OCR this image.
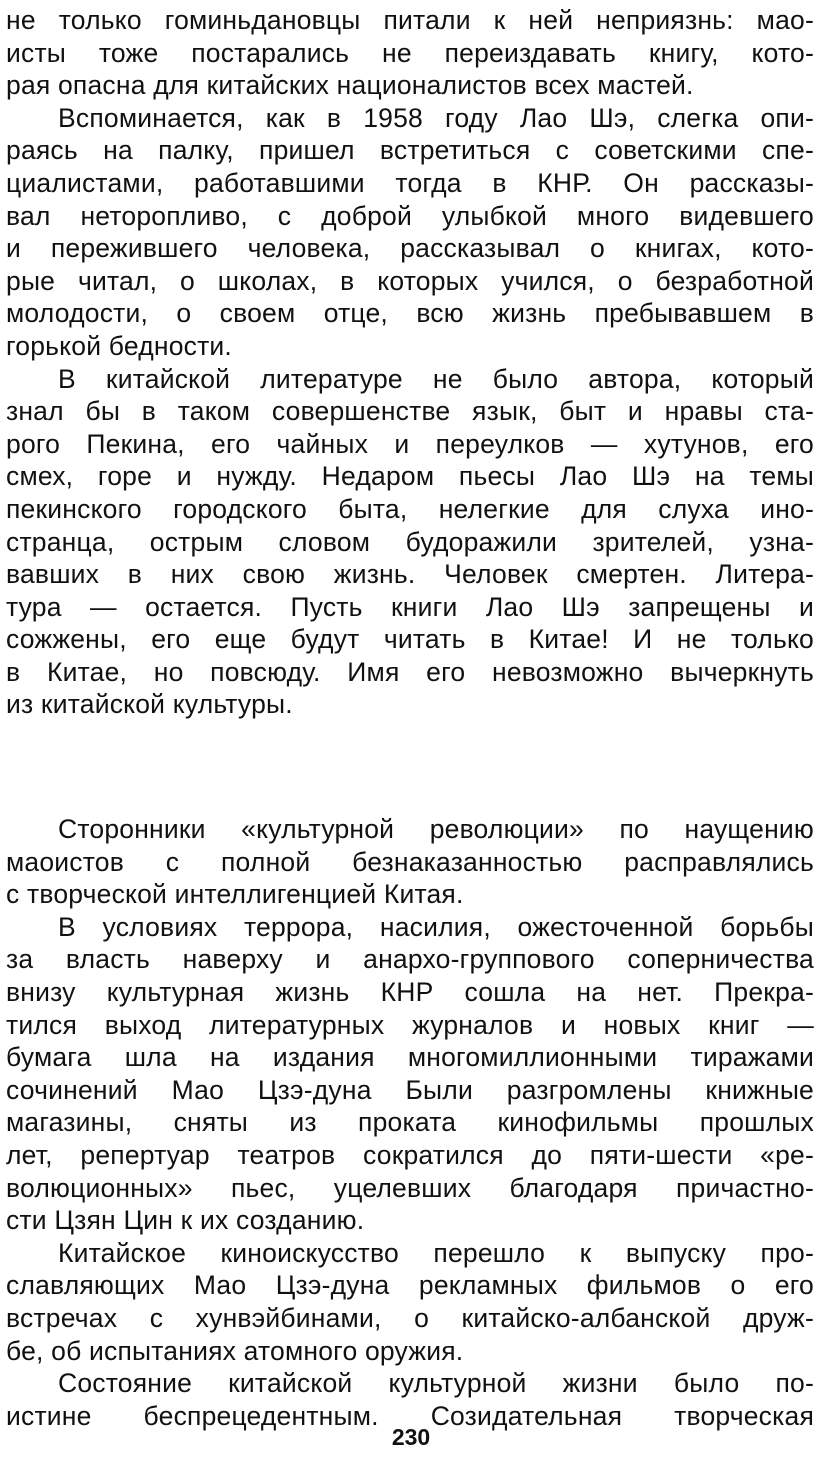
не только гоминьдановцы питали к ней неприязнь: мао-
исты тоже постарались не переиздавать книгу, кото-
рая опасна для китайских националистов всех мастей.
Вспоминается, как в 1958 году Лао Шэ, слегка опи-
раясь на палку, пришел встретиться с советскими спе-
циалистами, работавшими тогда в КНР. Он рассказы-
вал неторопливо, с доброй улыбкой много видевшего
и пережившего человека, рассказывал о книгах, кото-
рые читал, о школах, в которых учился, о безработной
молодости, о своем отце, всю жизнь пребывавшем в
горькой бедности.
В китайской литературе не было автора, который
знал бы в таком совершенстве язык, быт и нравы ста-
рого Пекина, его чайных и переулков — хутунов, его
смех, горе и нужду. Недаром пьесы Лао Шэ на темы
пекинского городского быта, нелегкие для слуха ино-
странца, острым словом будоражили зрителей, узна-
вавших в них свою жизнь. Человек смертен. Литера-
тура — остается. Пусть книги Лао Шэ запрещены и
сожжены, его еще будут читать в Китае! И не только
в Китае, но повсюду. Имя его невозможно вычеркнуть
из китайской культуры.
Сторонники «культурной революции» по наущению
маоистов с полной безнаказанностью расправлялись
с творческой интеллигенцией Китая.
В условиях террора, насилия, ожесточенной борьбы
за власть наверху и анархо-группового соперничества
внизу культурная жизнь КНР сошла на нет. Прекра-
тился выход литературных журналов и новых книг —
бумага шла на издания многомиллионными тиражами
сочинений Мао Цзэ-дуна Были разгромлены книжные
магазины, сняты из проката кинофильмы прошлых
лет, репертуар театров сократился до пяти-шести «ре-
волюционных» пьес, уцелевших благодаря причастно-
сти Цзян Цин к их созданию.
Китайское киноискусство перешло к выпуску про-
славляющих Мао Цзэ-дуна рекламных фильмов о его
встречах с хунвэйбинами, о китайско-албанской друж-
бе, об испытаниях атомного оружия.
Состояние китайской культурной жизни было по-
истине беспрецедентным. Созидательная творческая
230
